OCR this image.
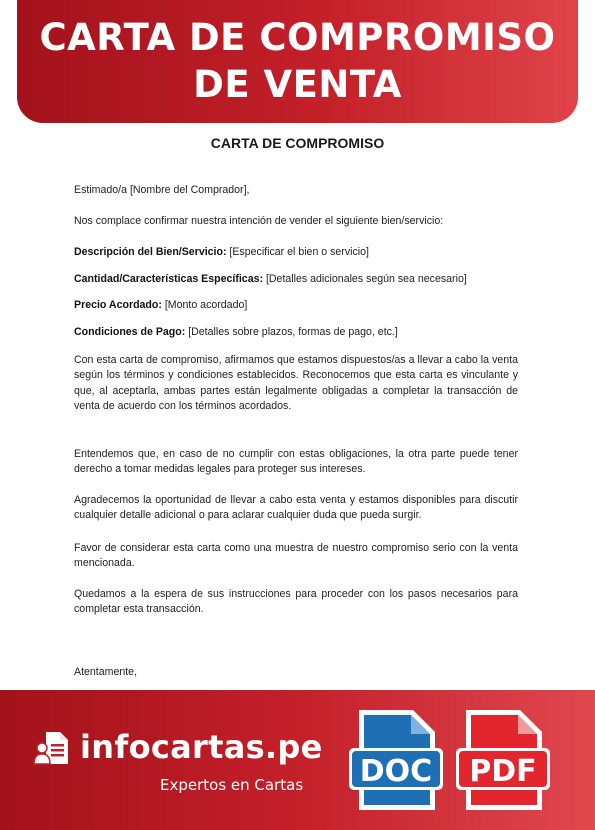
CARTA DE COMPROMISO
DE VENTA
CARTA DE COMPROMISO
Estimado/a [Nombre del Comprador],
Nos complace confirmar nuestra intención de vender el siguiente bien/servicio:
Descripción del Bien/Servicio: [Especificar el bien o servicio]
Cantidad/Características Específicas: [Detalles adicionales según sea necesario]
Precio Acordado: [Monto acordado]
Condiciones de Pago: [Detalles sobre plazos, formas de pago, etc.]
Con esta carta de compromiso, afirmamos que estamos dispuestos/as a llevar a cabo la venta según los términos y condiciones establecidos. Reconocemos que esta carta es vinculante y que, al aceptarla, ambas partes están legalmente obligadas a completar la transacción de venta de acuerdo con los términos acordados.
Entendemos que, en caso de no cumplir con estas obligaciones, la otra parte puede tener derecho a tomar medidas legales para proteger sus intereses.
Agradecemos la oportunidad de llevar a cabo esta venta y estamos disponibles para discutir cualquier detalle adicional o para aclarar cualquier duda que pueda surgir.
Favor de considerar esta carta como una muestra de nuestro compromiso serio con la venta mencionada.
Quedamos a la espera de sus instrucciones para proceder con los pasos necesarios para completar esta transacción.
Atentamente,
infocartas.pe
Expertos en Cartas DOC PDF
